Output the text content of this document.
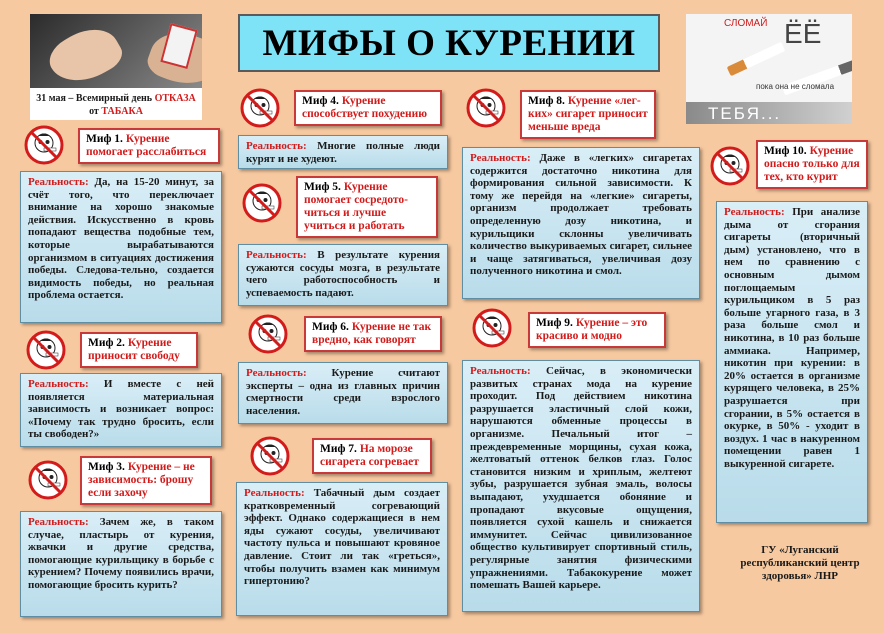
31 мая – Всемирный день ОТКАЗА
от ТАБАКА
МИФЫ О КУРЕНИИ	СЛОМАЙ ЁЁ
пока она не сломала
ТЕБЯ...
Миф 1. Курение помогает расслабиться
Реальность: Да, на 15-20 минут, за счёт того, что переключает внимание на хорошо знакомые действия. Искусственно в кровь попадают вещества подобные тем, которые вырабатываются организмом в ситуациях достижения победы. Следова-тельно, создается видимость победы, но реальная проблема остается.
Миф 2. Курение приносит свободу
Реальность: И вместе с ней появляется материальная зависимость и возникает вопрос: «Почему так трудно бросить, если ты свободен?»
Миф 3. Курение – не зависимость: брошу если захочу
Реальность: Зачем же, в таком случае, пластырь от курения, жвачки и другие средства, помогающие курильщику в борьбе с курением? Почему появились врачи, помогающие бросить курить?
Миф 4. Курение способствует похудению
Реальность: Многие полные люди курят и не худеют.
Миф 5. Курение помогает сосредото-читься и лучше учиться и работать
Реальность: В результате курения сужаются сосуды мозга, в результате чего работоспособность и успеваемость падают.
Миф 6. Курение не так вредно, как говорят
Реальность: Курение считают эксперты – одна из главных причин смертности среди взрослого населения.
Миф 7. На морозе сигарета согревает
Реальность: Табачный дым создает кратковременный согревающий эффект. Однако содержащиеся в нем яды сужают сосуды, увеличивают частоту пульса и повышают кровяное давление. Стоит ли так «греться», чтобы получить взамен как минимум гипертонию?
Миф 8. Курение «лег-ких» сигарет приносит меньше вреда
Реальность: Даже в «легких» сигаретах содержится достаточно никотина для формирования сильной зависимости. К тому же перейдя на «легкие» сигареты, организм продолжает требовать определенную дозу никотина, и курильщики склонны увеличивать количество выкуриваемых сигарет, сильнее и чаще затягиваться, увеличивая дозу полученного никотина и смол.
Миф 9. Курение – это красиво и модно
Реальность: Сейчас, в экономически развитых странах мода на курение проходит. Под действием никотина разрушается эластичный слой кожи, нарушаются обменные процессы в организме. Печальный итог – преждевременные морщины, сухая кожа, желтоватый оттенок белков глаз. Голос становится низким и хриплым, желтеют зубы, разрушается зубная эмаль, волосы выпадают, ухудшается обоняние и пропадают вкусовые ощущения, появляется сухой кашель и снижается иммунитет. Сейчас цивилизованное общество культивирует спортивный стиль, регулярные занятия физическими упражнениями. Табакокурение может помешать Вашей карьере.
Миф 10. Курение опасно только для тех, кто курит
Реальность: При анализе дыма от сгорания сигареты (вторичный дым) установлено, что в нем по сравнению с основным дымом поглощаемым курильщиком в 5 раз больше угарного газа, в 3 раза больше смол и никотина, в 10 раз больше аммиака. Например, никотин при курении: в 20% остается в организме курящего человека, в 25% разрушается при сгорании, в 5% остается в окурке, в 50% - уходит в воздух. 1 час в накуренном помещении равен 1 выкуренной сигарете.
ГУ «Луганский республиканский центр здоровья» ЛНР
